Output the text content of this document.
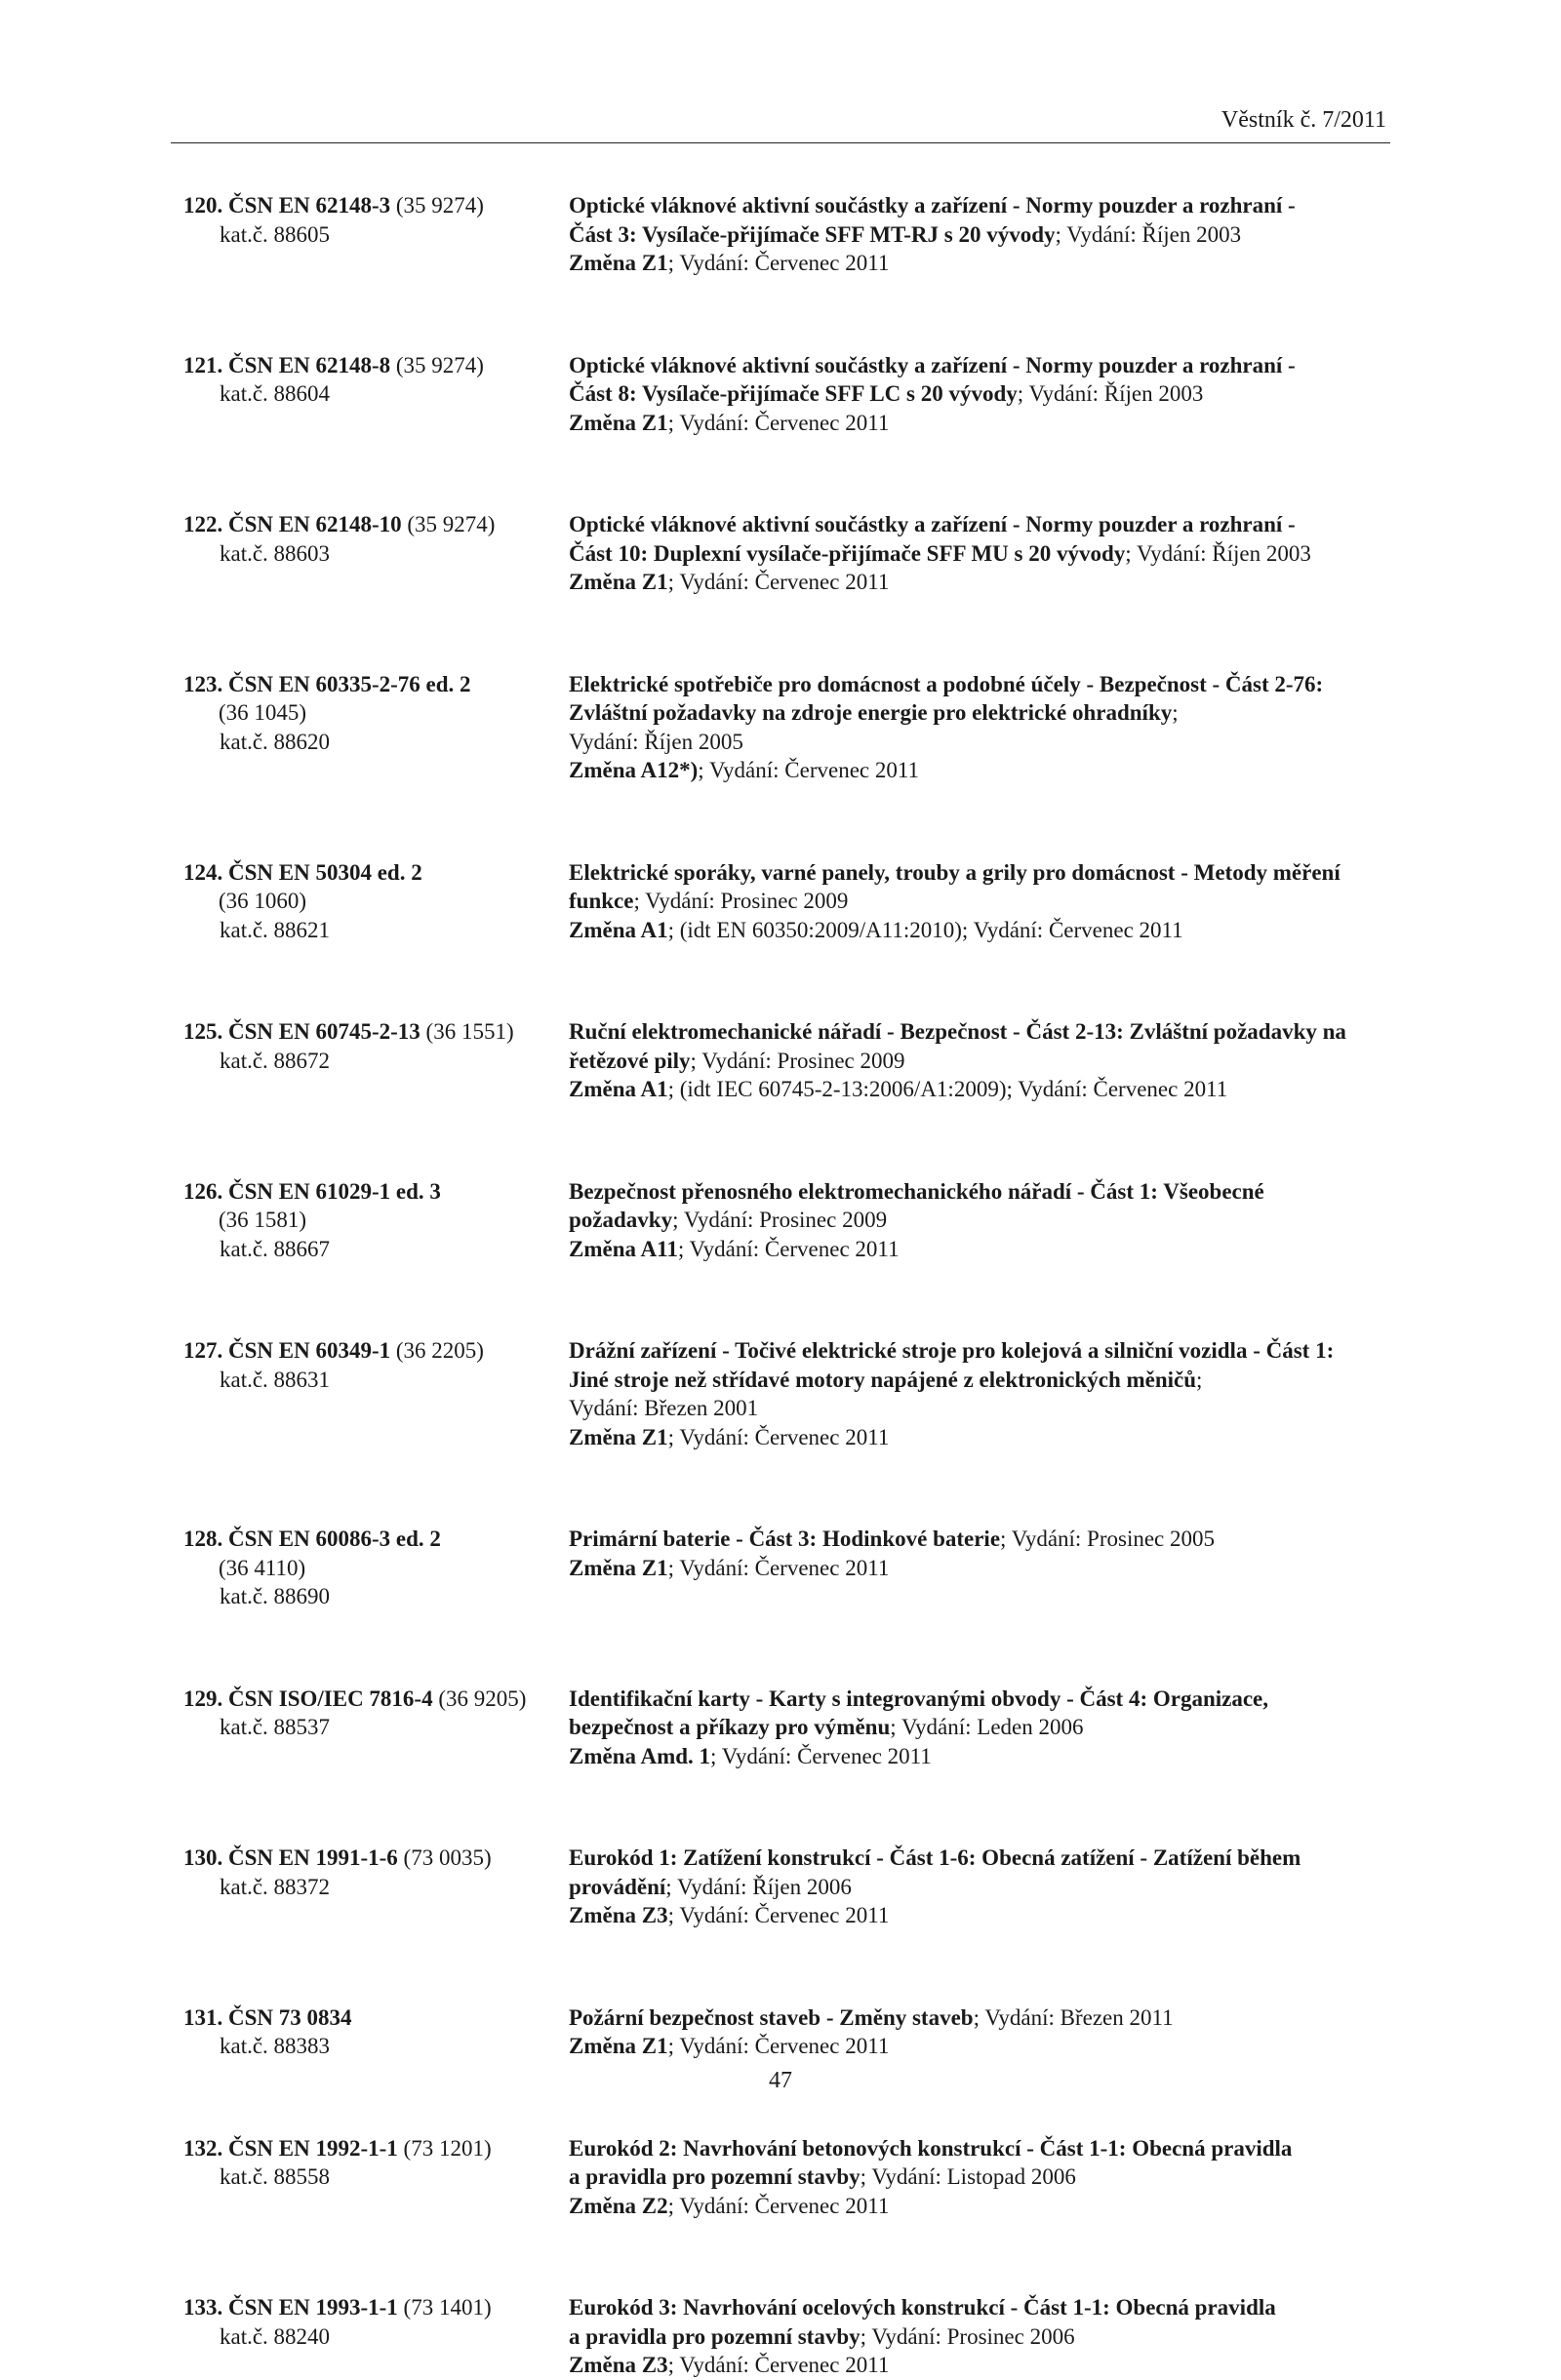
Věstník č. 7/2011
120. ČSN EN 62148-3 (35 9274)
kat.č. 88605
Optické vláknové aktivní součástky a zařízení - Normy pouzder a rozhraní -
Část 3: Vysílače-přijímače SFF MT-RJ s 20 vývody; Vydání: Říjen 2003
Změna Z1; Vydání: Červenec 2011
121. ČSN EN 62148-8 (35 9274)
kat.č. 88604
Optické vláknové aktivní součástky a zařízení - Normy pouzder a rozhraní -
Část 8: Vysílače-přijímače SFF LC s 20 vývody; Vydání: Říjen 2003
Změna Z1; Vydání: Červenec 2011
122. ČSN EN 62148-10 (35 9274)
kat.č. 88603
Optické vláknové aktivní součástky a zařízení - Normy pouzder a rozhraní -
Část 10: Duplexní vysílače-přijímače SFF MU s 20 vývody; Vydání: Říjen 2003
Změna Z1; Vydání: Červenec 2011
123. ČSN EN 60335-2-76 ed. 2
(36 1045)
kat.č. 88620
Elektrické spotřebiče pro domácnost a podobné účely - Bezpečnost - Část 2-76:
Zvláštní požadavky na zdroje energie pro elektrické ohradníky;
Vydání: Říjen 2005
Změna A12*); Vydání: Červenec 2011
124. ČSN EN 50304 ed. 2
(36 1060)
kat.č. 88621
Elektrické sporáky, varné panely, trouby a grily pro domácnost - Metody měření
funkce; Vydání: Prosinec 2009
Změna A1; (idt EN 60350:2009/A11:2010); Vydání: Červenec 2011
125. ČSN EN 60745-2-13 (36 1551)
kat.č. 88672
Ruční elektromechanické nářadí - Bezpečnost - Část 2-13: Zvláštní požadavky na
řetězové pily; Vydání: Prosinec 2009
Změna A1; (idt IEC 60745-2-13:2006/A1:2009); Vydání: Červenec 2011
126. ČSN EN 61029-1 ed. 3
(36 1581)
kat.č. 88667
Bezpečnost přenosného elektromechanického nářadí - Část 1: Všeobecné
požadavky; Vydání: Prosinec 2009
Změna A11; Vydání: Červenec 2011
127. ČSN EN 60349-1 (36 2205)
kat.č. 88631
Drážní zařízení - Točivé elektrické stroje pro kolejová a silniční vozidla - Část 1:
Jiné stroje než střídavé motory napájené z elektronických měničů;
Vydání: Březen 2001
Změna Z1; Vydání: Červenec 2011
128. ČSN EN 60086-3 ed. 2
(36 4110)
kat.č. 88690
Primární baterie - Část 3: Hodinkové baterie; Vydání: Prosinec 2005
Změna Z1; Vydání: Červenec 2011
129. ČSN ISO/IEC 7816-4 (36 9205)
kat.č. 88537
Identifikační karty - Karty s integrovanými obvody - Část 4: Organizace,
bezpečnost a příkazy pro výměnu; Vydání: Leden 2006
Změna Amd. 1; Vydání: Červenec 2011
130. ČSN EN 1991-1-6 (73 0035)
kat.č. 88372
Eurokód 1: Zatížení konstrukcí - Část 1-6: Obecná zatížení - Zatížení během
provádění; Vydání: Říjen 2006
Změna Z3; Vydání: Červenec 2011
131. ČSN 73 0834
kat.č. 88383
Požární bezpečnost staveb - Změny staveb; Vydání: Březen 2011
Změna Z1; Vydání: Červenec 2011
132. ČSN EN 1992-1-1 (73 1201)
kat.č. 88558
Eurokód 2: Navrhování betonových konstrukcí - Část 1-1: Obecná pravidla
a pravidla pro pozemní stavby; Vydání: Listopad 2006
Změna Z2; Vydání: Červenec 2011
133. ČSN EN 1993-1-1 (73 1401)
kat.č. 88240
Eurokód 3: Navrhování ocelových konstrukcí - Část 1-1: Obecná pravidla
a pravidla pro pozemní stavby; Vydání: Prosinec 2006
Změna Z3; Vydání: Červenec 2011
47
